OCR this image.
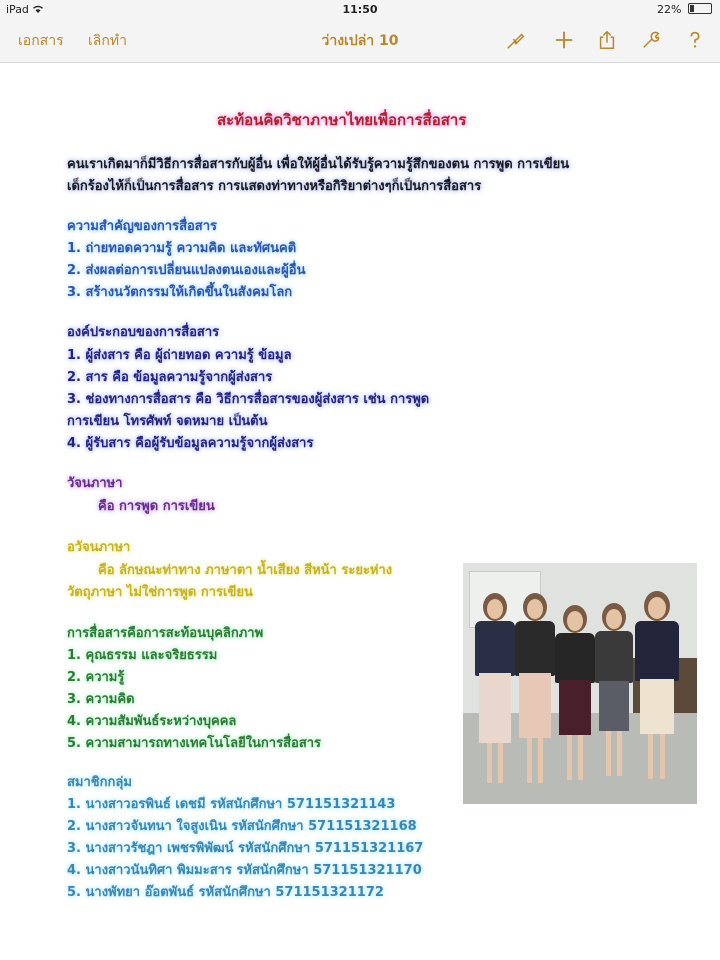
iPad	11:50	22%
เอกสาร เลิกทำ	ว่างเปล่า 10
สะท้อนคิดวิชาภาษาไทยเพื่อการสื่อสาร
คนเราเกิดมาก็มีวิธีการสื่อสารกับผู้อื่น เพื่อให้ผู้อื่นได้รับรู้ความรู้สึกของตน การพูด การเขียน
เด็กร้องไห้ก็เป็นการสื่อสาร การแสดงท่าทางหรือกิริยาต่างๆก็เป็นการสื่อสาร
ความสำคัญของการสื่อสาร
1. ถ่ายทอดความรู้ ความคิด และทัศนคติ
2. ส่งผลต่อการเปลี่ยนแปลงตนเองและผู้อื่น
3. สร้างนวัตกรรมให้เกิดขึ้นในสังคมโลก
องค์ประกอบของการสื่อสาร
1. ผู้ส่งสาร คือ ผู้ถ่ายทอด ความรู้ ข้อมูล
2. สาร คือ ข้อมูลความรู้จากผู้ส่งสาร
3. ช่องทางการสื่อสาร คือ วิธีการสื่อสารของผู้ส่งสาร เช่น การพูด
การเขียน โทรศัพท์ จดหมาย เป็นต้น
4. ผู้รับสาร คือผู้รับข้อมูลความรู้จากผู้ส่งสาร
วัจนภาษา
คือ การพูด การเขียน
อวัจนภาษา
คือ ลักษณะท่าทาง ภาษาตา น้ำเสียง สีหน้า ระยะห่าง
วัตถุภาษา ไม่ใช่การพูด การเขียน
การสื่อสารคือการสะท้อนบุคลิกภาพ
1. คุณธรรม และจริยธรรม
2. ความรู้
3. ความคิด
4. ความสัมพันธ์ระหว่างบุคคล
5. ความสามารถทางเทคโนโลยีในการสื่อสาร
สมาชิกกลุ่ม
1. นางสาวอรพินธ์ เดชมี รหัสนักศึกษา 571151321143
2. นางสาวจันทนา ใจสูงเนิน รหัสนักศึกษา 571151321168
3. นางสาวรัชฎา เพชรพิพัฒน์ รหัสนักศึกษา 571151321167
4. นางสาวนันทิศา พิมมะสาร รหัสนักศึกษา 571151321170
5. นางพัทยา อ๊อตพันธ์ รหัสนักศึกษา 571151321172
